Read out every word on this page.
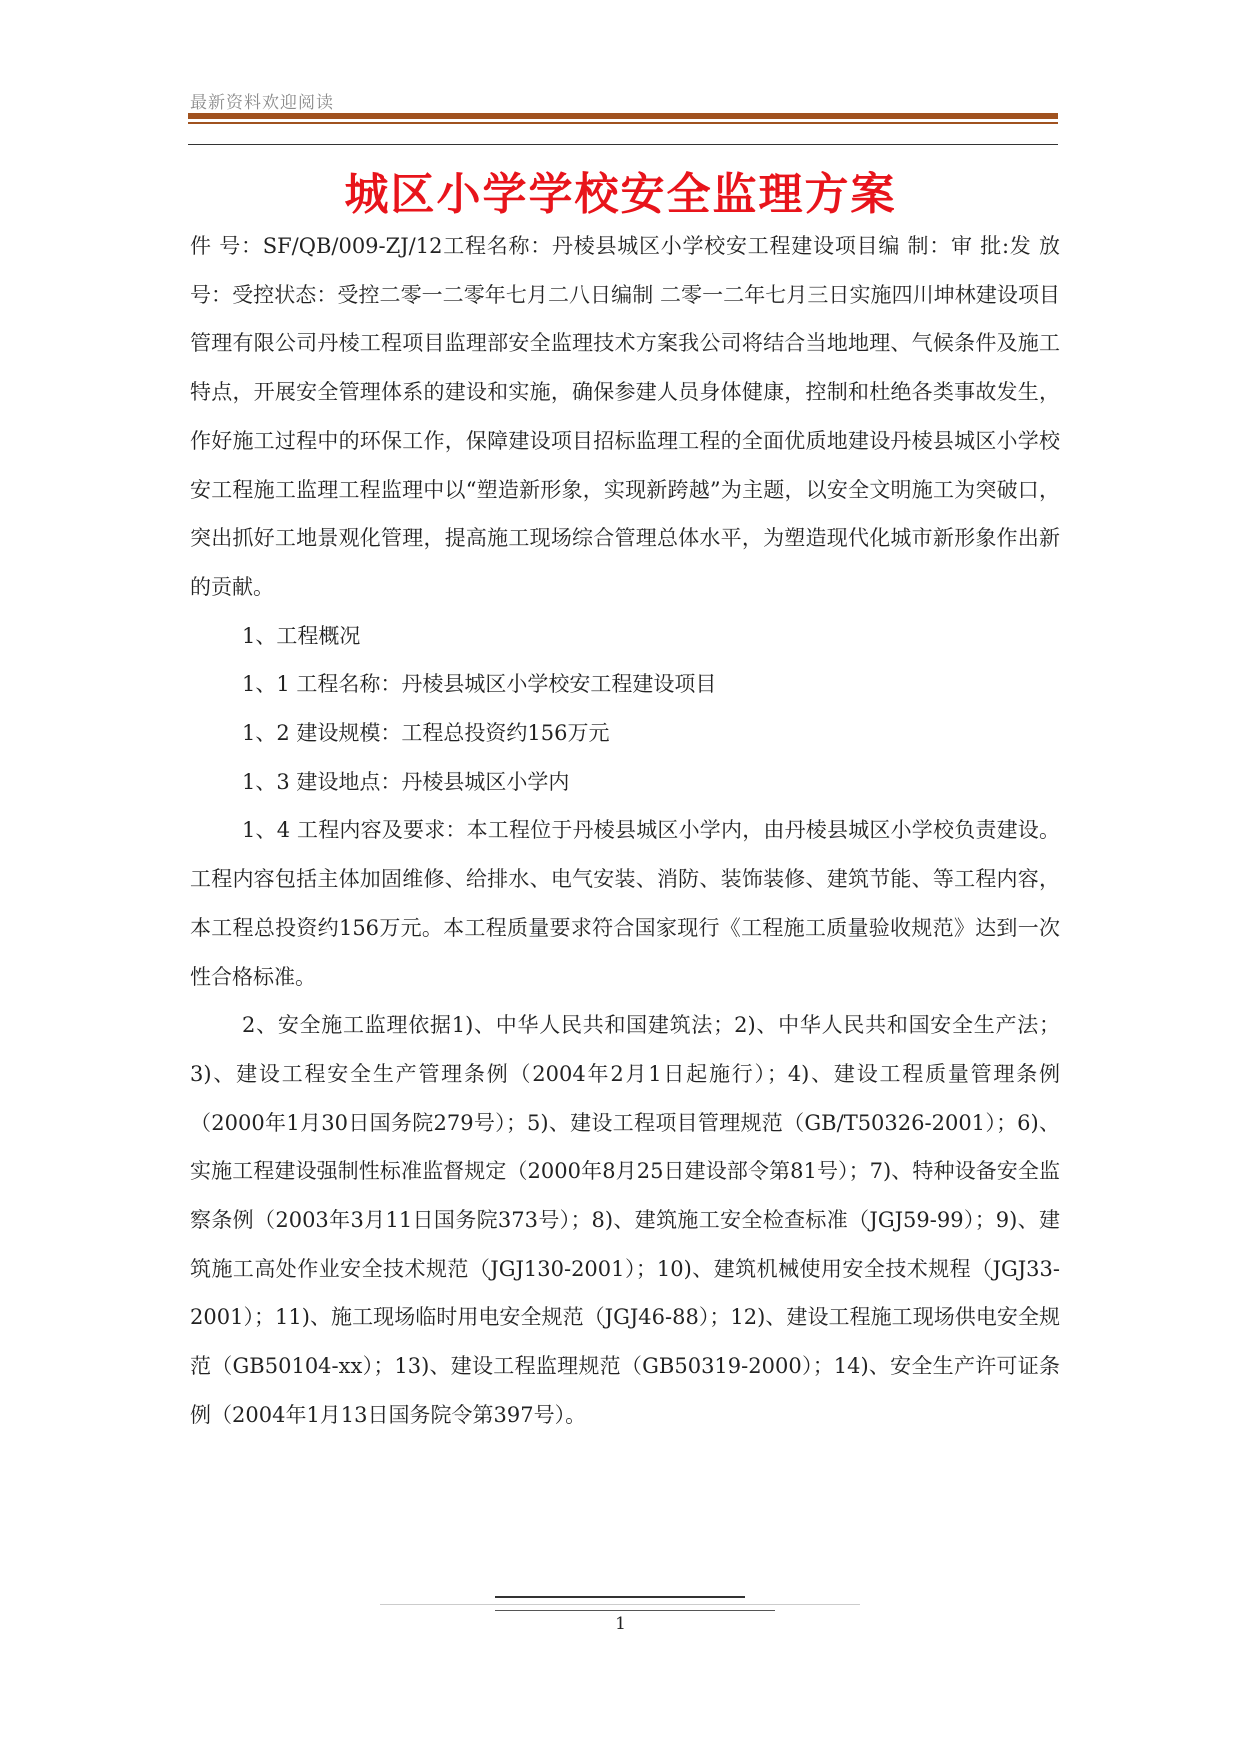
最新资料欢迎阅读
城区小学学校安全监理方案

件 号：SF/QB/009-ZJ/12工程名称：丹棱县城区小学校安工程建设项目编 制：审 批:发 放 号：受控状态：受控二零一二零年七月二八日编制 二零一二年七月三日实施四川坤林建设项目管理有限公司丹棱工程项目监理部安全监理技术方案我公司将结合当地地理、气候条件及施工特点，开展安全管理体系的建设和实施，确保参建人员身体健康，控制和杜绝各类事故发生，作好施工过程中的环保工作，保障建设项目招标监理工程的全面优质地建设丹棱县城区小学校安工程施工监理工程监理中以“塑造新形象，实现新跨越”为主题，以安全文明施工为突破口，突出抓好工地景观化管理，提高施工现场综合管理总体水平，为塑造现代化城市新形象作出新的贡献。

1、工程概况

1、1 工程名称：丹棱县城区小学校安工程建设项目

1、2 建设规模：工程总投资约156万元

1、3 建设地点：丹棱县城区小学内

1、4 工程内容及要求：本工程位于丹棱县城区小学内，由丹棱县城区小学校负责建设。工程内容包括主体加固维修、给排水、电气安装、消防、装饰装修、建筑节能、等工程内容，本工程总投资约156万元。本工程质量要求符合国家现行《工程施工质量验收规范》达到一次性合格标准。

2、安全施工监理依据1)、中华人民共和国建筑法；2)、中华人民共和国安全生产法；3)、建设工程安全生产管理条例（2004年2月1日起施行）；4)、建设工程质量管理条例（2000年1月30日国务院279号）；5)、建设工程项目管理规范（GB/T50326-2001）；6)、实施工程建设强制性标准监督规定（2000年8月25日建设部令第81号）；7)、特种设备安全监察条例（2003年3月11日国务院373号）；8)、建筑施工安全检查标准（JGJ59-99）；9)、建筑施工高处作业安全技术规范（JGJ130-2001）；10)、建筑机械使用安全技术规程（JGJ33-2001）；11)、施工现场临时用电安全规范（JGJ46-88）；12)、建设工程施工现场供电安全规范（GB50104-xx）；13)、建设工程监理规范（GB50319-2000）；14)、安全生产许可证条例（2004年1月13日国务院令第397号）。

1
